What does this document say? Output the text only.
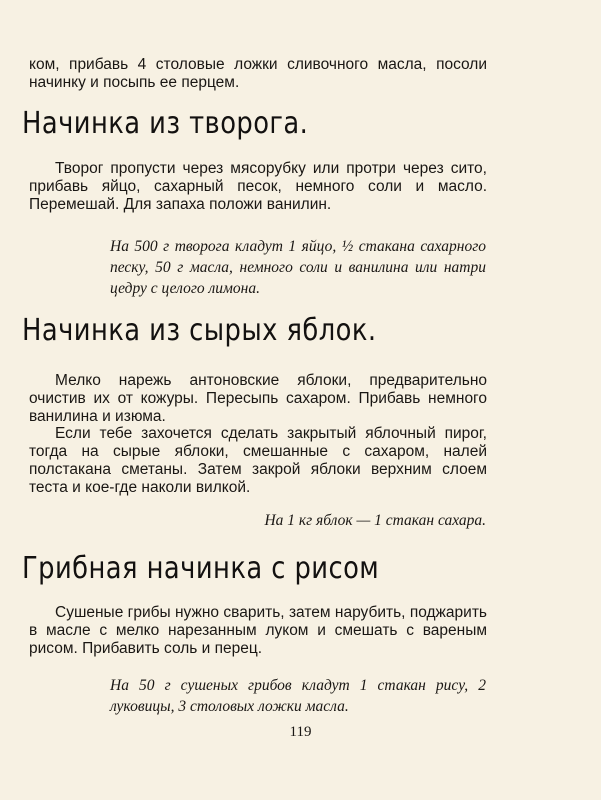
ком, прибавь 4 столовые ложки сливочного масла, посоли начинку и посыпь ее перцем.

Начинка из творога.

Творог пропусти через мясорубку или протри через сито, прибавь яйцо, сахарный песок, немного соли и масло. Перемешай. Для запаха положи ванилин.

На 500 г творога кладут 1 яйцо, ½ стакана сахарного песку, 50 г масла, немного соли и ванилина или натри цедру с целого лимона.

Начинка из сырых яблок.

Мелко нарежь антоновские яблоки, предварительно очистив их от кожуры. Пересыпь сахаром. Прибавь немного ванилина и изюма.

Если тебе захочется сделать закрытый яблочный пирог, тогда на сырые яблоки, смешанные с сахаром, налей полстакана сметаны. Затем закрой яблоки верхним слоем теста и кое-где наколи вилкой.

На 1 кг яблок — 1 стакан сахара.

Грибная начинка с рисом

Сушеные грибы нужно сварить, затем нарубить, поджарить в масле с мелко нарезанным луком и смешать с вареным рисом. Прибавить соль и перец.

На 50 г сушеных грибов кладут 1 стакан рису, 2 луковицы, 3 столовых ложки масла.

119
